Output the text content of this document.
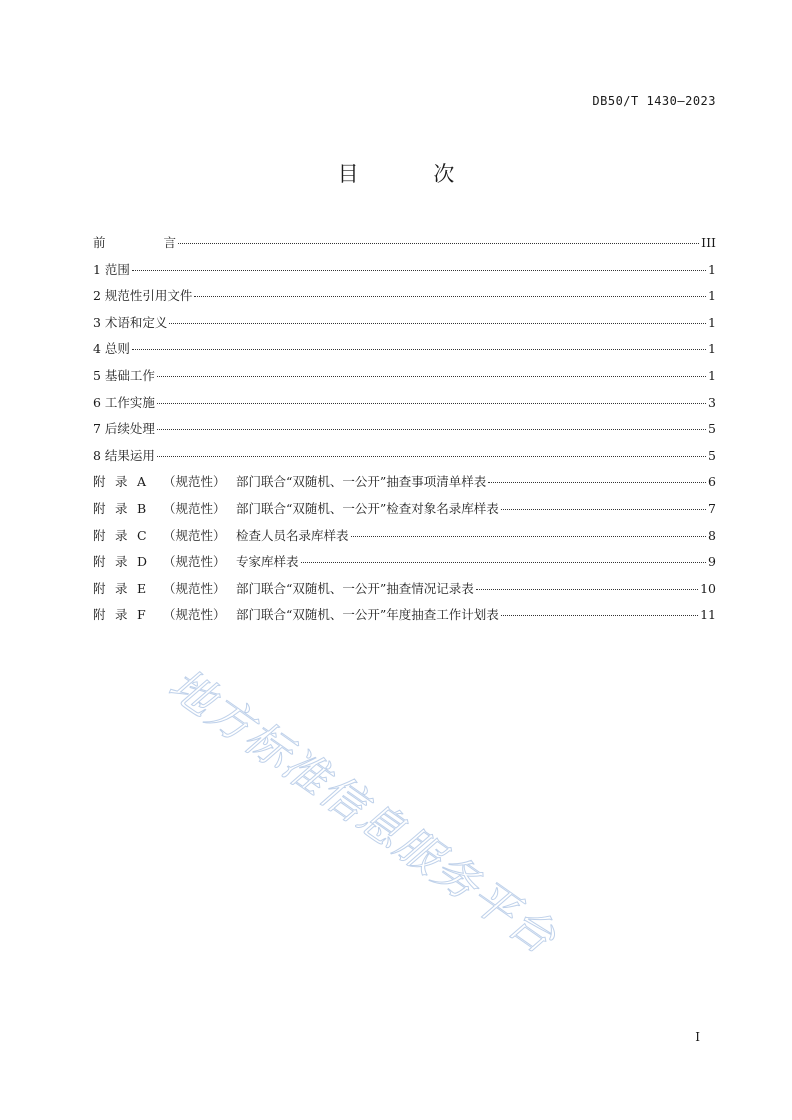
DB50/T 1430—2023
目 次
前	言	III
1 范围	1
2 规范性引用文件	1
3 术语和定义	1
4 总则	1
5 基础工作	1
6 工作实施	3
7 后续处理	5
8 结果运用	5
附 录 A	（规范性） 部门联合“双随机、一公开”抽查事项清单样表	6
附 录 B	（规范性） 部门联合“双随机、一公开”检查对象名录库样表	7
附 录 C	（规范性） 检查人员名录库样表	8
附 录 D	（规范性） 专家库样表	9
附 录 E	（规范性） 部门联合“双随机、一公开”抽查情况记录表	10
附 录 F	（规范性） 部门联合“双随机、一公开”年度抽查工作计划表	11
地方标准信息服务平台
I
